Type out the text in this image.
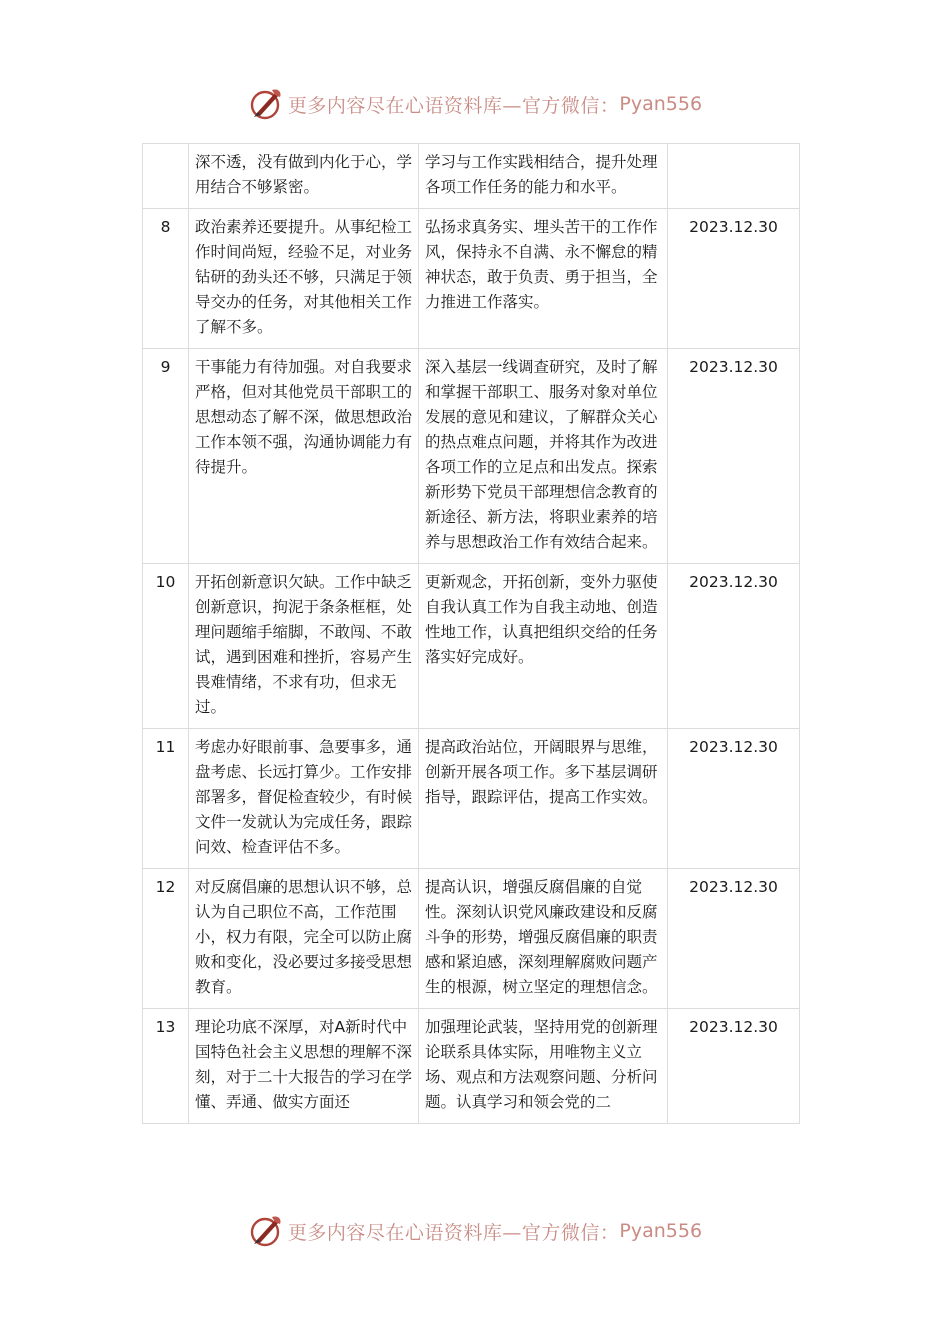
更多内容尽在心语资料库—官方微信： Pyan556
	深不透，没有做到内化于心，学用结合不够紧密。	学习与工作实践相结合，提升处理各项工作任务的能力和水平。	
8	政治素养还要提升。从事纪检工作时间尚短，经验不足，对业务钻研的劲头还不够，只满足于领导交办的任务，对其他相关工作了解不多。	弘扬求真务实、埋头苦干的工作作风，保持永不自满、永不懈怠的精神状态，敢于负责、勇于担当，全力推进工作落实。	2023.12.30
9	干事能力有待加强。对自我要求严格，但对其他党员干部职工的思想动态了解不深，做思想政治工作本领不强，沟通协调能力有待提升。	深入基层一线调查研究，及时了解和掌握干部职工、服务对象对单位发展的意见和建议，了解群众关心的热点难点问题，并将其作为改进各项工作的立足点和出发点。探索新形势下党员干部理想信念教育的新途径、新方法，将职业素养的培养与思想政治工作有效结合起来。	2023.12.30
10	开拓创新意识欠缺。工作中缺乏创新意识，拘泥于条条框框，处理问题缩手缩脚，不敢闯、不敢试，遇到困难和挫折，容易产生畏难情绪，不求有功，但求无过。	更新观念，开拓创新，变外力驱使自我认真工作为自我主动地、创造性地工作，认真把组织交给的任务落实好完成好。	2023.12.30
11	考虑办好眼前事、急要事多，通盘考虑、长远打算少。工作安排部署多，督促检查较少，有时候文件一发就认为完成任务，跟踪问效、检查评估不多。	提高政治站位，开阔眼界与思维，创新开展各项工作。多下基层调研指导，跟踪评估，提高工作实效。	2023.12.30
12	对反腐倡廉的思想认识不够，总认为自己职位不高，工作范围小，权力有限，完全可以防止腐败和变化，没必要过多接受思想教育。	提高认识，增强反腐倡廉的自觉性。深刻认识党风廉政建设和反腐斗争的形势，增强反腐倡廉的职责感和紧迫感，深刻理解腐败问题产生的根源，树立坚定的理想信念。	2023.12.30
13	理论功底不深厚，对A新时代中国特色社会主义思想的理解不深刻，对于二十大报告的学习在学懂、弄通、做实方面还	加强理论武装，坚持用党的创新理论联系具体实际，用唯物主义立场、观点和方法观察问题、分析问题。认真学习和领会党的二	2023.12.30
更多内容尽在心语资料库—官方微信： Pyan556
